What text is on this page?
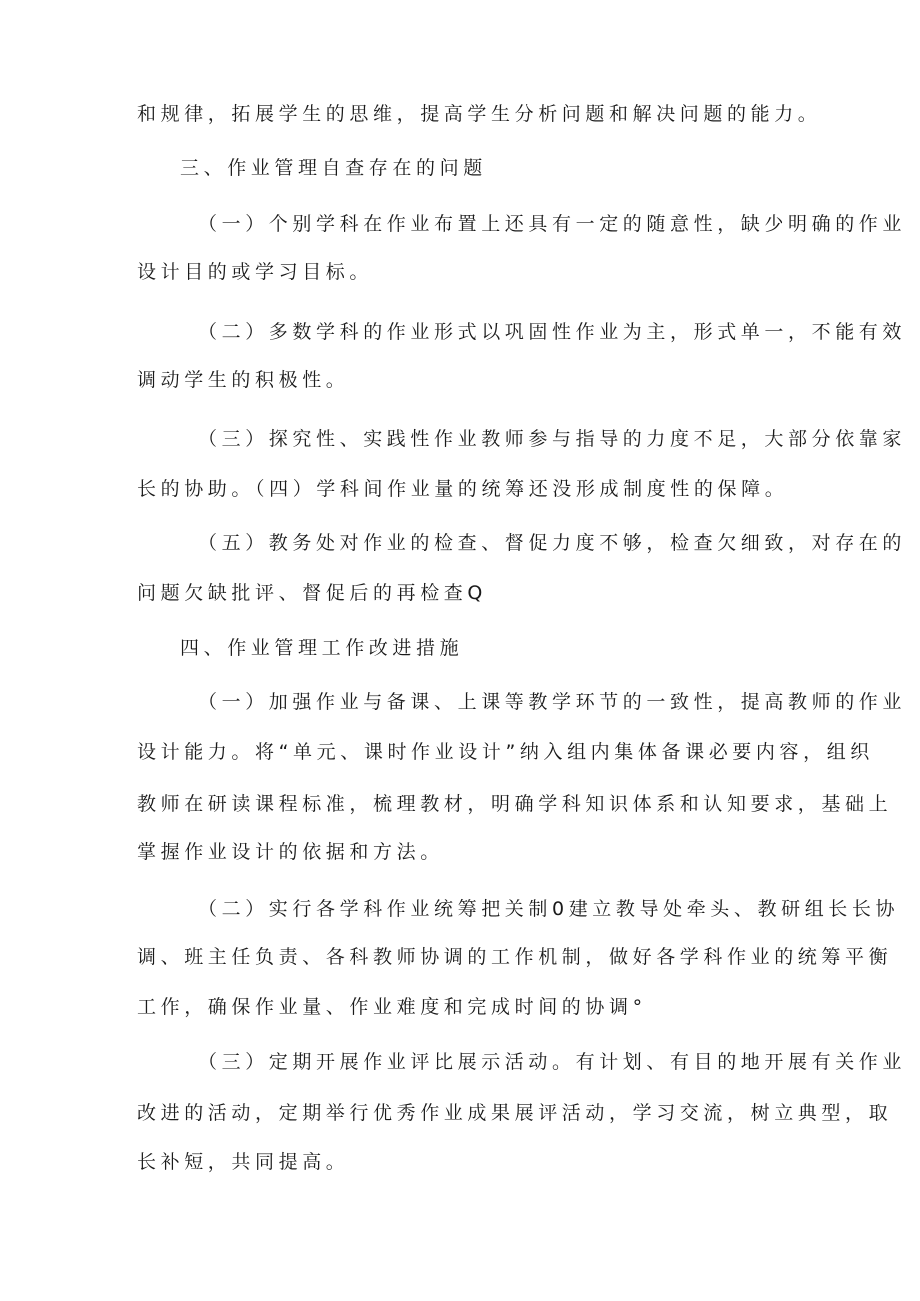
和规律，拓展学生的思维，提高学生分析问题和解决问题的能力。
三、作业管理自查存在的问题
（一）个别学科在作业布置上还具有一定的随意性，缺少明确的作业
设计目的或学习目标。
（二）多数学科的作业形式以巩固性作业为主，形式单一，不能有效
调动学生的积极性。
（三）探究性、实践性作业教师参与指导的力度不足，大部分依靠家
长的协助。（四）学科间作业量的统筹还没形成制度性的保障。
（五）教务处对作业的检查、督促力度不够，检查欠细致，对存在的
问题欠缺批评、督促后的再检查Q
四、作业管理工作改进措施
（一）加强作业与备课、上课等教学环节的一致性，提高教师的作业
设计能力。将“单元、课时作业设计”纳入组内集体备课必要内容，组织
教师在研读课程标准，梳理教材，明确学科知识体系和认知要求，基础上
掌握作业设计的依据和方法。
（二）实行各学科作业统筹把关制0建立教导处牵头、教研组长长协
调、班主任负责、各科教师协调的工作机制，做好各学科作业的统筹平衡
工作，确保作业量、作业难度和完成时间的协调°
（三）定期开展作业评比展示活动。有计划、有目的地开展有关作业
改进的活动，定期举行优秀作业成果展评活动，学习交流，树立典型，取
长补短，共同提高。
